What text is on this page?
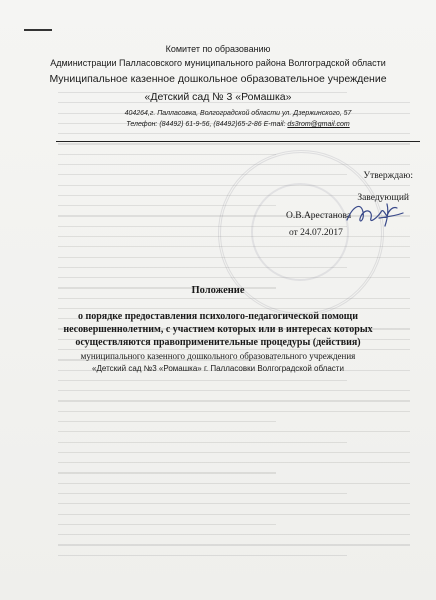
Комитет по образованию
Администрации Палласовского муниципального района Волгоградской области
Муниципальное казенное дошкольное образовательное учреждение
«Детский сад № 3 «Ромашка»
404264,г. Палласовка, Волгоградской области ул. Дзержинского, 57
Телефон: (84492) 61-9-56, (84492)65-2-86 E-mail: ds3rom@gmail.com
Утверждаю:
Заведующий
О.В.Арестанова
от 24.07.2017
Положение
о порядке предоставления психолого-педагогической помощи
несовершеннолетним, с участием которых или в интересах которых
осуществляются правоприменительные процедуры (действия)
муниципального казенного дошкольного образовательного учреждения
«Детский сад №3 «Ромашка» г. Палласовки Волгоградской области
